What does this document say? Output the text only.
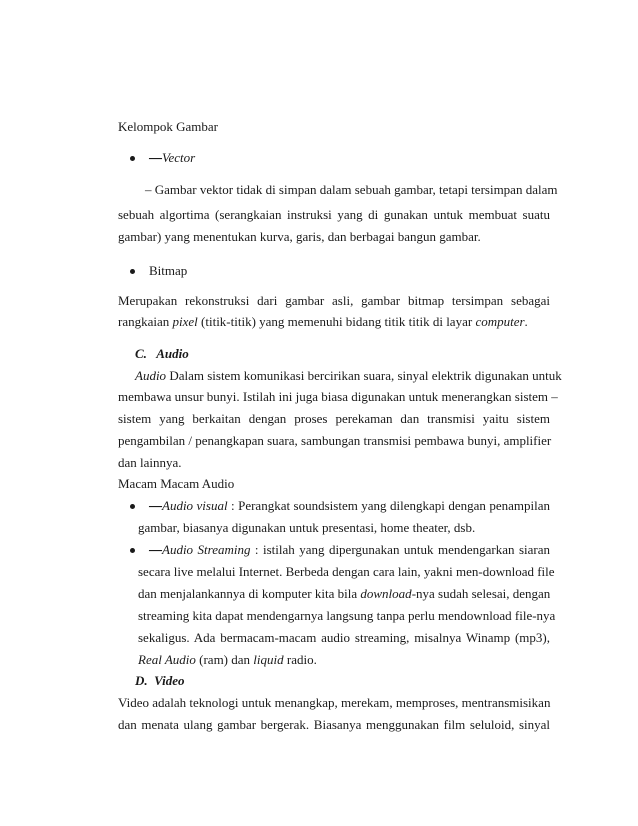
Kelompok Gambar
—Vector
– Gambar vektor tidak di simpan dalam sebuah gambar, tetapi tersimpan dalam
sebuah algortima (serangkaian instruksi yang di gunakan untuk membuat suatu
gambar) yang menentukan kurva, garis, dan berbagai bangun gambar.
Bitmap
Merupakan rekonstruksi dari gambar asli, gambar bitmap tersimpan sebagai
rangkaian pixel (titik-titik) yang memenuhi bidang titik titik di layar computer.
C.   Audio
Audio Dalam sistem komunikasi bercirikan suara, sinyal elektrik digunakan untuk
membawa unsur bunyi. Istilah ini juga biasa digunakan untuk menerangkan sistem –
sistem yang berkaitan dengan proses perekaman dan transmisi yaitu sistem
pengambilan / penangkapan suara, sambungan transmisi pembawa bunyi, amplifier
dan lainnya.
Macam Macam Audio
—Audio visual : Perangkat soundsistem yang dilengkapi dengan penampilan
gambar, biasanya digunakan untuk presentasi, home theater, dsb.
—Audio Streaming : istilah yang dipergunakan untuk mendengarkan siaran
secara live melalui Internet. Berbeda dengan cara lain, yakni men-download file
dan menjalankannya di komputer kita bila download-nya sudah selesai, dengan
streaming kita dapat mendengarnya langsung tanpa perlu mendownload file-nya
sekaligus. Ada bermacam-macam audio streaming, misalnya Winamp (mp3),
Real Audio (ram) dan liquid radio.
D.  Video
Video adalah teknologi untuk menangkap, merekam, memproses, mentransmisikan
dan menata ulang gambar bergerak. Biasanya menggunakan film seluloid, sinyal
